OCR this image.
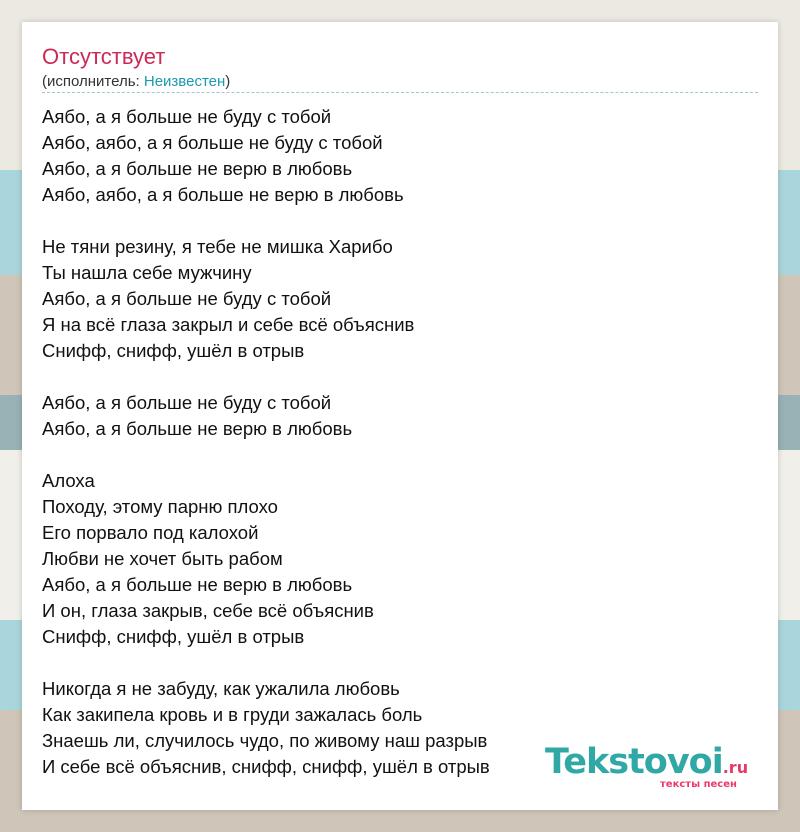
Отсутствует
(исполнитель: Неизвестен)
Аябо, а я больше не буду с тобой
Аябо, аябо, а я больше не буду с тобой
Аябо, а я больше не верю в любовь
Аябо, аябо, а я больше не верю в любовь
Не тяни резину, я тебе не мишка Харибо
Ты нашла себе мужчину
Аябо, а я больше не буду с тобой
Я на всё глаза закрыл и себе всё объяснив
Снифф, снифф, ушёл в отрыв
Аябо, а я больше не буду с тобой
Аябо, а я больше не верю в любовь
Алоха
Походу, этому парню плохо
Его порвало под калохой
Любви не хочет быть рабом
Аябо, а я больше не верю в любовь
И он, глаза закрыв, себе всё объяснив
Снифф, снифф, ушёл в отрыв
Никогда я не забуду, как ужалила любовь
Как закипела кровь и в груди зажалась боль
Знаешь ли, случилось чудо, по живому наш разрыв
И себе всё объяснив, снифф, снифф, ушёл в отрыв	Tekstovoi.ru
тексты песен
